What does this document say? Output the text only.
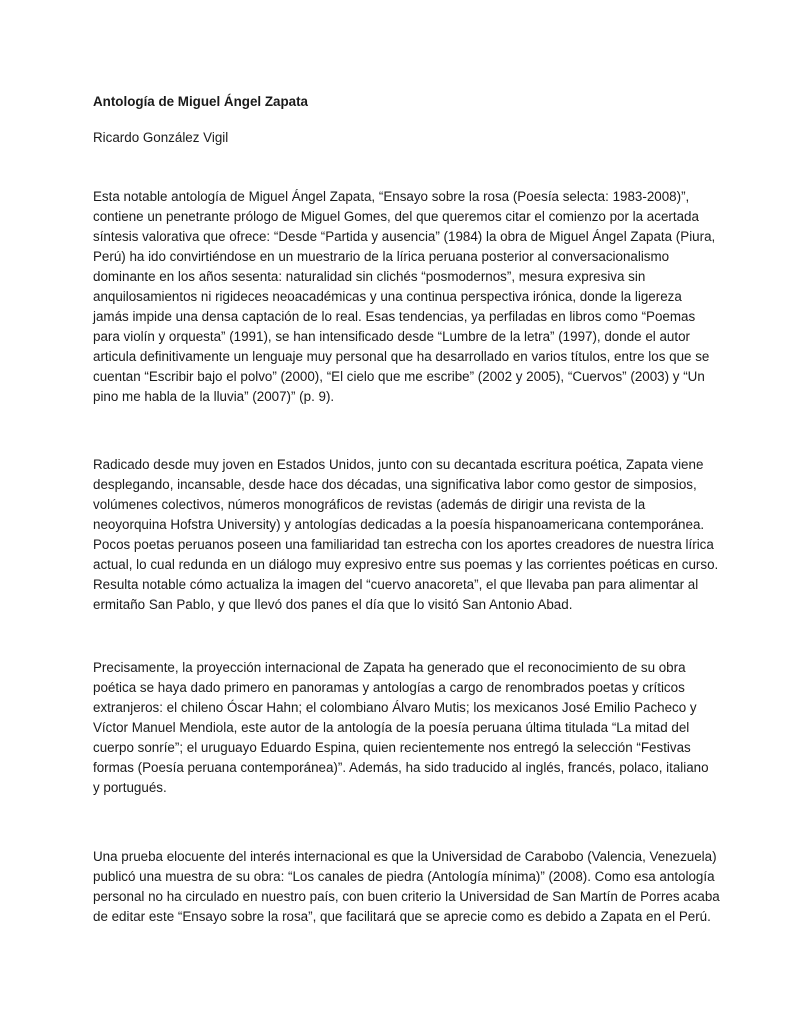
Antología de Miguel Ángel Zapata

Ricardo González Vigil

Esta notable antología de Miguel Ángel Zapata, “Ensayo sobre la rosa (Poesía selecta: 1983-2008)”,
contiene un penetrante prólogo de Miguel Gomes, del que queremos citar el comienzo por la acertada
síntesis valorativa que ofrece: “Desde “Partida y ausencia” (1984) la obra de Miguel Ángel Zapata (Piura,
Perú) ha ido convirtiéndose en un muestrario de la lírica peruana posterior al conversacionalismo
dominante en los años sesenta: naturalidad sin clichés “posmodernos”, mesura expresiva sin
anquilosamientos ni rigideces neoacadémicas y una continua perspectiva irónica, donde la ligereza
jamás impide una densa captación de lo real. Esas tendencias, ya perfiladas en libros como “Poemas
para violín y orquesta” (1991), se han intensificado desde “Lumbre de la letra” (1997), donde el autor
articula definitivamente un lenguaje muy personal que ha desarrollado en varios títulos, entre los que se
cuentan “Escribir bajo el polvo” (2000), “El cielo que me escribe” (2002 y 2005), “Cuervos” (2003) y “Un
pino me habla de la lluvia” (2007)” (p. 9).

Radicado desde muy joven en Estados Unidos, junto con su decantada escritura poética, Zapata viene
desplegando, incansable, desde hace dos décadas, una significativa labor como gestor de simposios,
volúmenes colectivos, números monográficos de revistas (además de dirigir una revista de la
neoyorquina Hofstra University) y antologías dedicadas a la poesía hispanoamericana contemporánea.
Pocos poetas peruanos poseen una familiaridad tan estrecha con los aportes creadores de nuestra lírica
actual, lo cual redunda en un diálogo muy expresivo entre sus poemas y las corrientes poéticas en curso.
Resulta notable cómo actualiza la imagen del “cuervo anacoreta”, el que llevaba pan para alimentar al
ermitaño San Pablo, y que llevó dos panes el día que lo visitó San Antonio Abad.

Precisamente, la proyección internacional de Zapata ha generado que el reconocimiento de su obra
poética se haya dado primero en panoramas y antologías a cargo de renombrados poetas y críticos
extranjeros: el chileno Óscar Hahn; el colombiano Álvaro Mutis; los mexicanos José Emilio Pacheco y
Víctor Manuel Mendiola, este autor de la antología de la poesía peruana última titulada “La mitad del
cuerpo sonríe”; el uruguayo Eduardo Espina, quien recientemente nos entregó la selección “Festivas
formas (Poesía peruana contemporánea)”. Además, ha sido traducido al inglés, francés, polaco, italiano
y portugués.

Una prueba elocuente del interés internacional es que la Universidad de Carabobo (Valencia, Venezuela)
publicó una muestra de su obra: “Los canales de piedra (Antología mínima)” (2008). Como esa antología
personal no ha circulado en nuestro país, con buen criterio la Universidad de San Martín de Porres acaba
de editar este “Ensayo sobre la rosa”, que facilitará que se aprecie como es debido a Zapata en el Perú.
